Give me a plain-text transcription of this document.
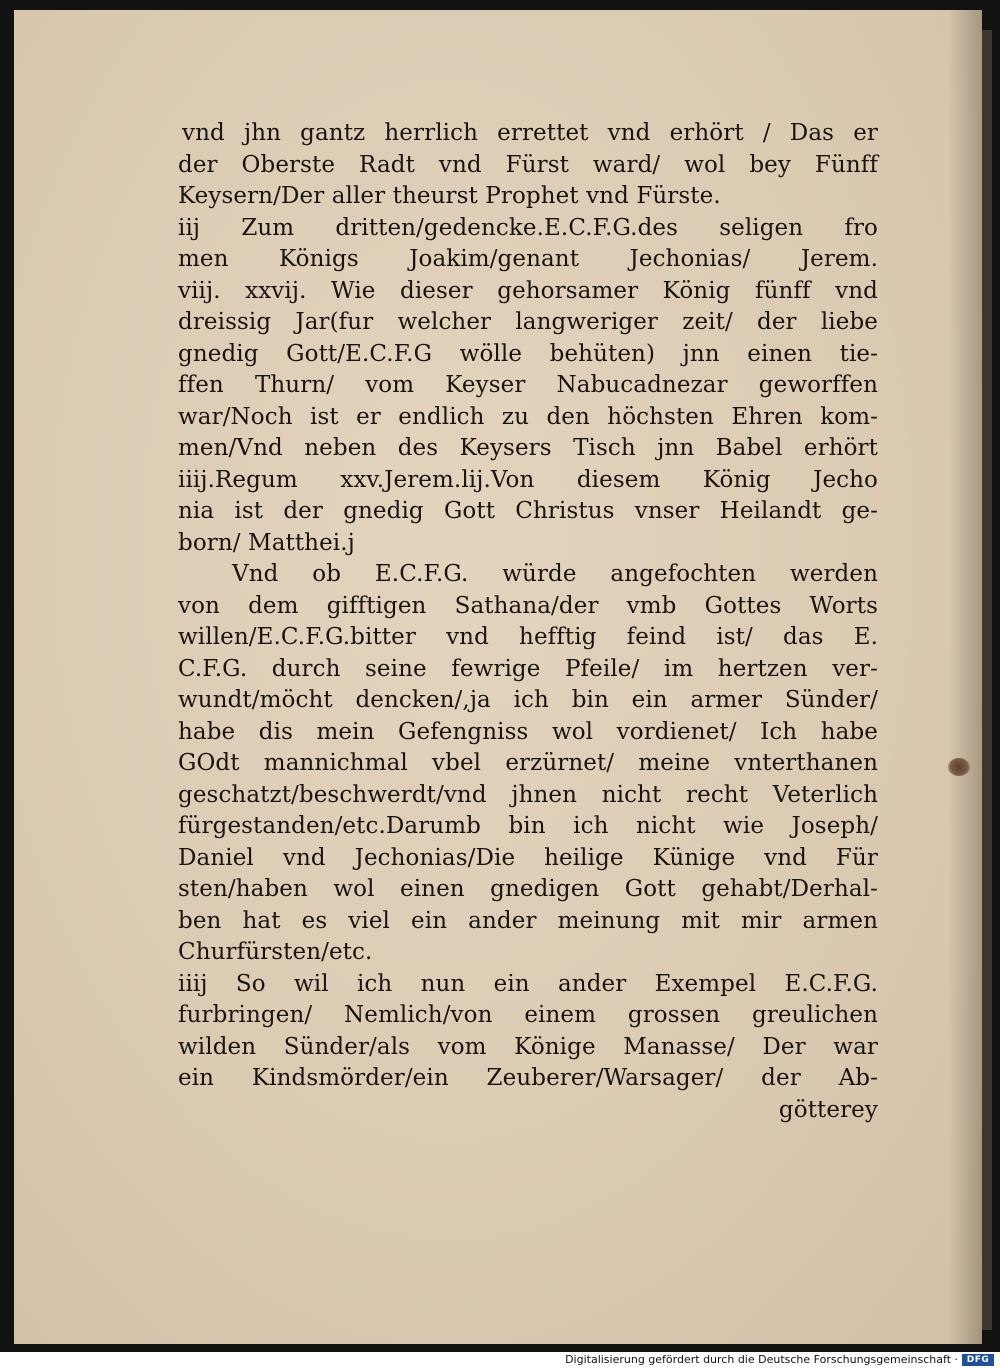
vnd jhn gantz herrlich errettet vnd erhört / Das er
der Oberste Radt vnd Fürst ward/ wol bey Fünff
Keysern/Der aller theurst Prophet vnd Fürste.
iij Zum dritten/gedencke.E.C.F.G.des seligen fro
men Königs Joakim/genant Jechonias/ Jerem.
viij. xxvij. Wie dieser gehorsamer König fünff vnd
dreissig Jar(fur welcher langweriger zeit/ der liebe
gnedig Gott/E.C.F.G wölle behüten) jnn einen tie-
ffen Thurn/ vom Keyser Nabucadnezar geworffen
war/Noch ist er endlich zu den höchsten Ehren kom-
men/Vnd neben des Keysers Tisch jnn Babel erhört
iiij.Regum xxv.Jerem.lij.Von diesem König Jecho
nia ist der gnedig Gott Christus vnser Heilandt ge-
born/ Matthei.j
Vnd ob E.C.F.G. würde angefochten werden
von dem gifftigen Sathana/der vmb Gottes Worts
willen/E.C.F.G.bitter vnd hefftig feind ist/ das E.
C.F.G. durch seine fewrige Pfeile/ im hertzen ver-
wundt/möcht dencken/,ja ich bin ein armer Sünder/
habe dis mein Gefengniss wol vordienet/ Ich habe
GOdt mannichmal vbel erzürnet/ meine vnterthanen
geschatzt/beschwerdt/vnd jhnen nicht recht Veterlich
fürgestanden/etc.Darumb bin ich nicht wie Joseph/
Daniel vnd Jechonias/Die heilige Künige vnd Für
sten/haben wol einen gnedigen Gott gehabt/Derhal-
ben hat es viel ein ander meinung mit mir armen
Churfürsten/etc.
iiij So wil ich nun ein ander Exempel E.C.F.G.
furbringen/ Nemlich/von einem grossen greulichen
wilden Sünder/als vom Könige Manasse/ Der war
ein Kindsmörder/ein Zeuberer/Warsager/ der Ab-
götterey
Digitalisierung gefördert durch die Deutsche Forschungsgemeinschaft · DFG
